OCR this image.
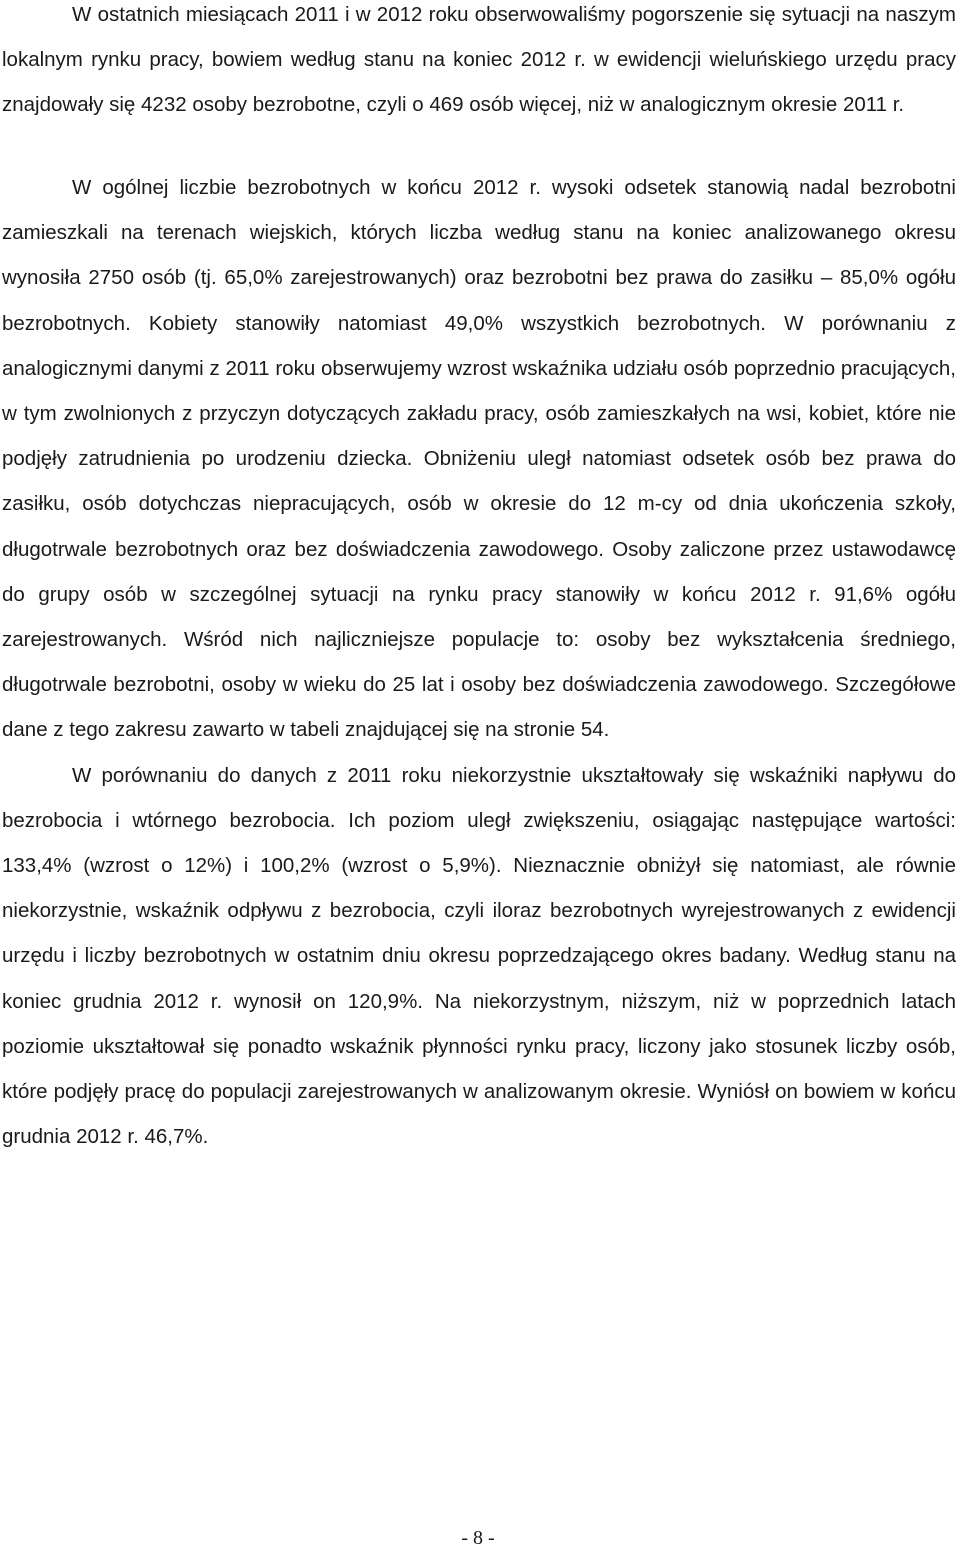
W ostatnich miesiącach 2011 i w 2012 roku obserwowaliśmy pogorszenie się sytuacji na naszym lokalnym rynku pracy, bowiem według stanu na koniec 2012 r. w ewidencji wieluńskiego urzędu pracy znajdowały się 4232 osoby bezrobotne, czyli o 469 osób więcej, niż w analogicznym okresie 2011 r.

W ogólnej liczbie bezrobotnych w końcu 2012 r. wysoki odsetek stanowią nadal bezrobotni zamieszkali na terenach wiejskich, których liczba według stanu na koniec analizowanego okresu wynosiła 2750 osób (tj. 65,0% zarejestrowanych) oraz bezrobotni bez prawa do zasiłku – 85,0% ogółu bezrobotnych. Kobiety stanowiły natomiast 49,0% wszystkich bezrobotnych. W porównaniu z analogicznymi danymi z 2011 roku obserwujemy wzrost wskaźnika udziału osób poprzednio pracujących, w tym zwolnionych z przyczyn dotyczących zakładu pracy, osób zamieszkałych na wsi, kobiet, które nie podjęły zatrudnienia po urodzeniu dziecka. Obniżeniu uległ natomiast odsetek osób bez prawa do zasiłku, osób dotychczas niepracujących, osób w okresie do 12 m-cy od dnia ukończenia szkoły, długotrwale bezrobotnych oraz bez doświadczenia zawodowego. Osoby zaliczone przez ustawodawcę do grupy osób w szczególnej sytuacji na rynku pracy stanowiły w końcu 2012 r. 91,6% ogółu zarejestrowanych. Wśród nich najliczniejsze populacje to: osoby bez wykształcenia średniego, długotrwale bezrobotni, osoby w wieku do 25 lat i osoby bez doświadczenia zawodowego. Szczegółowe dane z tego zakresu zawarto w tabeli znajdującej się na stronie 54.

W porównaniu do danych z 2011 roku niekorzystnie ukształtowały się wskaźniki napływu do bezrobocia i wtórnego bezrobocia. Ich poziom uległ zwiększeniu, osiągając następujące wartości: 133,4% (wzrost o 12%) i 100,2% (wzrost o 5,9%). Nieznacznie obniżył się natomiast, ale równie niekorzystnie, wskaźnik odpływu z bezrobocia, czyli iloraz bezrobotnych wyrejestrowanych z ewidencji urzędu i liczby bezrobotnych w ostatnim dniu okresu poprzedzającego okres badany. Według stanu na koniec grudnia 2012 r. wynosił on 120,9%. Na niekorzystnym, niższym, niż w poprzednich latach poziomie ukształtował się ponadto wskaźnik płynności rynku pracy, liczony jako stosunek liczby osób, które podjęły pracę do populacji zarejestrowanych w analizowanym okresie. Wyniósł on bowiem w końcu grudnia 2012 r. 46,7%.

- 8 -
